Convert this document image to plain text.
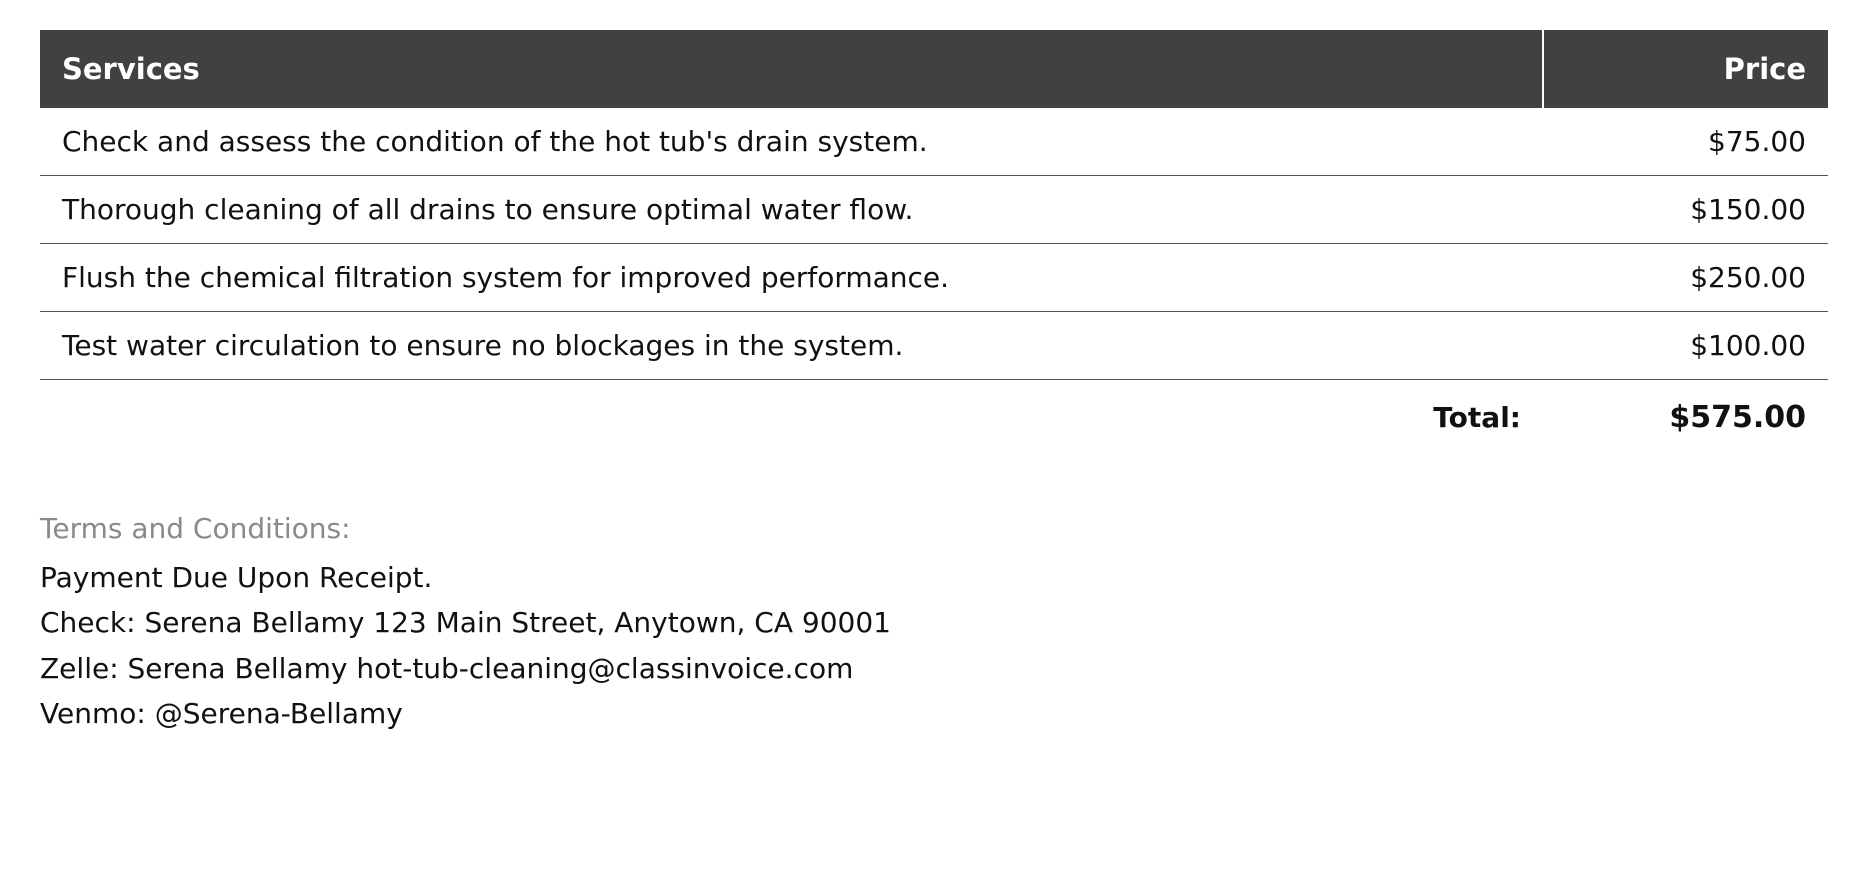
Services	Price
Check and assess the condition of the hot tub's drain system.	$75.00
Thorough cleaning of all drains to ensure optimal water flow.	$150.00
Flush the chemical filtration system for improved performance.	$250.00
Test water circulation to ensure no blockages in the system.	$100.00
Total:	$575.00
Terms and Conditions:
Payment Due Upon Receipt.
Check: Serena Bellamy 123 Main Street, Anytown, CA 90001
Zelle: Serena Bellamy hot-tub-cleaning@classinvoice.com
Venmo: @Serena-Bellamy
